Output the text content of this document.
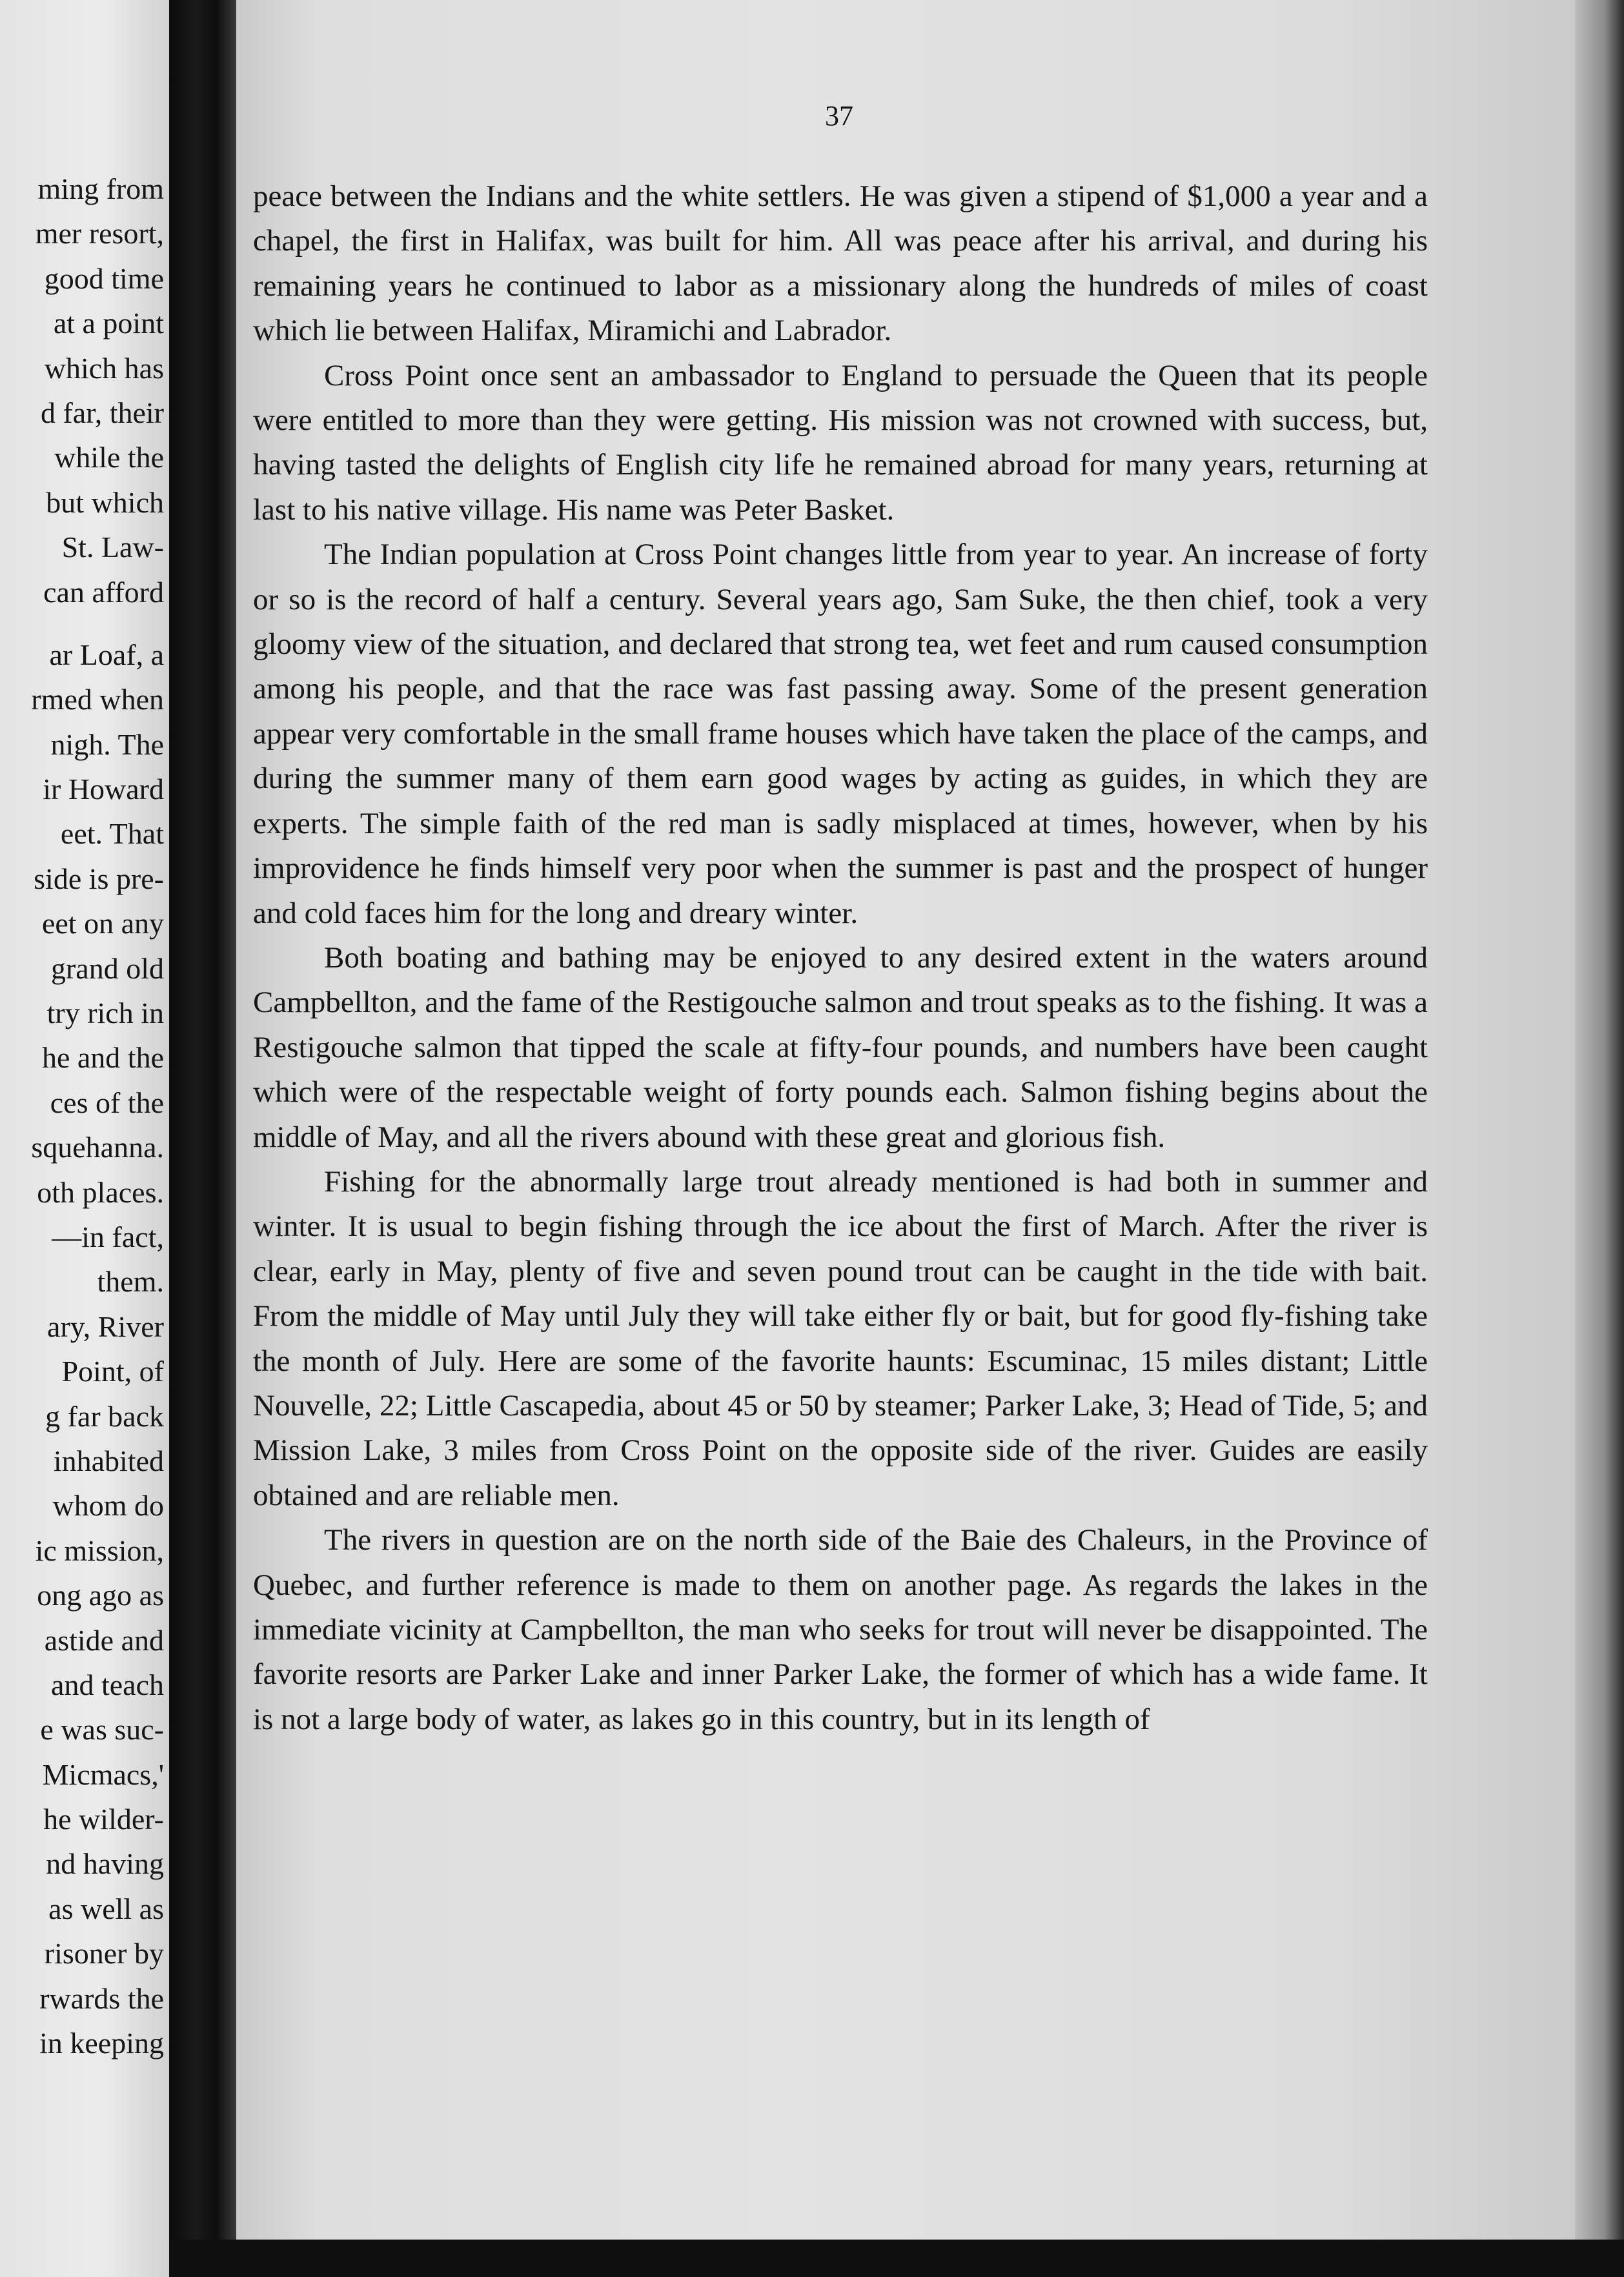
ming from
mer resort,
good time
at a point
which has
d far, their
while the
but which
St. Law-
can afford
ar Loaf, a
rmed when
nigh. The
ir Howard
eet. That
side is pre-
eet on any
grand old
try rich in
he and the
ces of the
squehanna.
oth places.
—in fact,
them.
ary, River
Point, of
g far back
inhabited
whom do
ic mission,
ong ago as
astide and
and teach
e was suc-
Micmacs,'
he wilder-
nd having
as well as
risoner by
rwards the
in keeping
37

peace between the Indians and the white settlers. He was given a stipend of $1,000 a year and a chapel, the first in Halifax, was built for him. All was peace after his arrival, and during his remaining years he continued to labor as a missionary along the hundreds of miles of coast which lie between Halifax, Miramichi and Labrador.

Cross Point once sent an ambassador to England to persuade the Queen that its people were entitled to more than they were getting. His mission was not crowned with success, but, having tasted the delights of English city life he remained abroad for many years, returning at last to his native village. His name was Peter Basket.

The Indian population at Cross Point changes little from year to year. An increase of forty or so is the record of half a century. Several years ago, Sam Suke, the then chief, took a very gloomy view of the situation, and declared that strong tea, wet feet and rum caused consumption among his people, and that the race was fast passing away. Some of the present generation appear very comfortable in the small frame houses which have taken the place of the camps, and during the summer many of them earn good wages by acting as guides, in which they are experts. The simple faith of the red man is sadly misplaced at times, however, when by his improvidence he finds himself very poor when the summer is past and the prospect of hunger and cold faces him for the long and dreary winter.

Both boating and bathing may be enjoyed to any desired extent in the waters around Campbellton, and the fame of the Restigouche salmon and trout speaks as to the fishing. It was a Restigouche salmon that tipped the scale at fifty-four pounds, and numbers have been caught which were of the respectable weight of forty pounds each. Salmon fishing begins about the middle of May, and all the rivers abound with these great and glorious fish.

Fishing for the abnormally large trout already mentioned is had both in summer and winter. It is usual to begin fishing through the ice about the first of March. After the river is clear, early in May, plenty of five and seven pound trout can be caught in the tide with bait. From the middle of May until July they will take either fly or bait, but for good fly-fishing take the month of July. Here are some of the favorite haunts: Escuminac, 15 miles distant; Little Nouvelle, 22; Little Cascapedia, about 45 or 50 by steamer; Parker Lake, 3; Head of Tide, 5; and Mission Lake, 3 miles from Cross Point on the opposite side of the river. Guides are easily obtained and are reliable men.

The rivers in question are on the north side of the Baie des Chaleurs, in the Province of Quebec, and further reference is made to them on another page. As regards the lakes in the immediate vicinity at Campbellton, the man who seeks for trout will never be disappointed. The favorite resorts are Parker Lake and inner Parker Lake, the former of which has a wide fame. It is not a large body of water, as lakes go in this country, but in its length of
